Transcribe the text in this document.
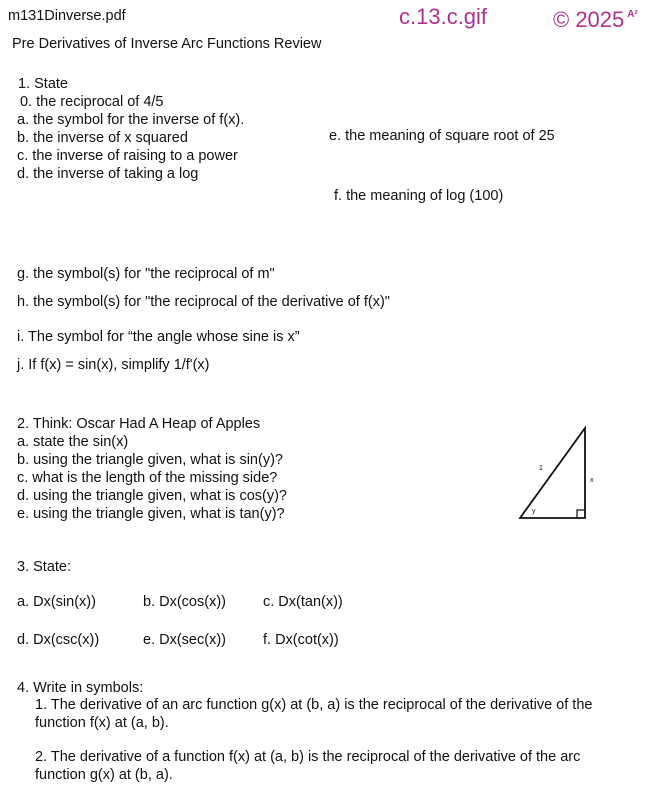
m131Dinverse.pdf	c.13.c.gif	© 2025 $^{A^2}$
Pre Derivatives of Inverse Arc Functions Review
1. State
0. the reciprocal of 4/5
a. the symbol for the inverse of f(x).
b. the inverse of x squared
c. the inverse of raising to a power
d. the inverse of taking a log
e. the meaning of square root of 25
f. the meaning of log (100)
g. the symbol(s) for "the reciprocal of m"
h. the symbol(s) for "the reciprocal of the derivative of f(x)"
i. The symbol for “the angle whose sine is x”
j. If f(x) = sin(x), simplify 1/f'(x)
2. Think: Oscar Had A Heap of Apples
a. state the sin(x)
b. using the triangle given, what is sin(y)?
c. what is the length of the missing side?
d. using the triangle given, what is cos(y)?
e. using the triangle given, what is tan(y)?
1
x
y
3. State:
a. Dx(sin(x))	b. Dx(cos(x))	c. Dx(tan(x))
d. Dx(csc(x))	e. Dx(sec(x))	f. Dx(cot(x))
4. Write in symbols:
1. The derivative of an arc function g(x) at (b, a) is the reciprocal of the derivative of the function f(x) at (a, b).
2. The derivative of a function f(x) at (a, b) is the reciprocal of the derivative of the arc function g(x) at (b, a).
